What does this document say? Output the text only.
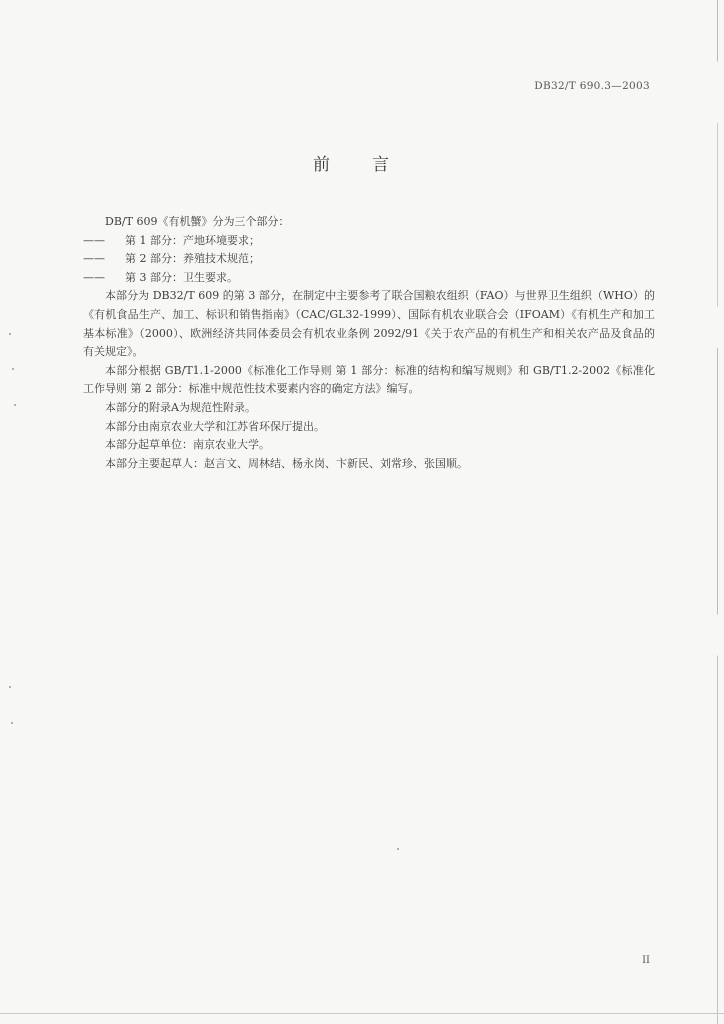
DB32/T 690.3—2003
前言

DB/T 609《有机蟹》分为三个部分：

—— 第 1 部分：产地环境要求；

—— 第 2 部分：养殖技术规范；

—— 第 3 部分：卫生要求。

本部分为 DB32/T 609 的第 3 部分，在制定中主要参考了联合国粮农组织（FAO）与世界卫生组织（WHO）的《有机食品生产、加工、标识和销售指南》（CAC/GL32-1999）、国际有机农业联合会（IFOAM）《有机生产和加工基本标准》（2000）、欧洲经济共同体委员会有机农业条例 2092/91《关于农产品的有机生产和相关农产品及食品的有关规定》。

本部分根据 GB/T1.1-2000《标准化工作导则 第 1 部分：标准的结构和编写规则》和 GB/T1.2-2002《标准化工作导则 第 2 部分：标准中规范性技术要素内容的确定方法》编写。

本部分的附录A为规范性附录。

本部分由南京农业大学和江苏省环保厅提出。

本部分起草单位：南京农业大学。

本部分主要起草人：赵言文、周林结、杨永岗、卞新民、刘常珍、张国顺。

II
